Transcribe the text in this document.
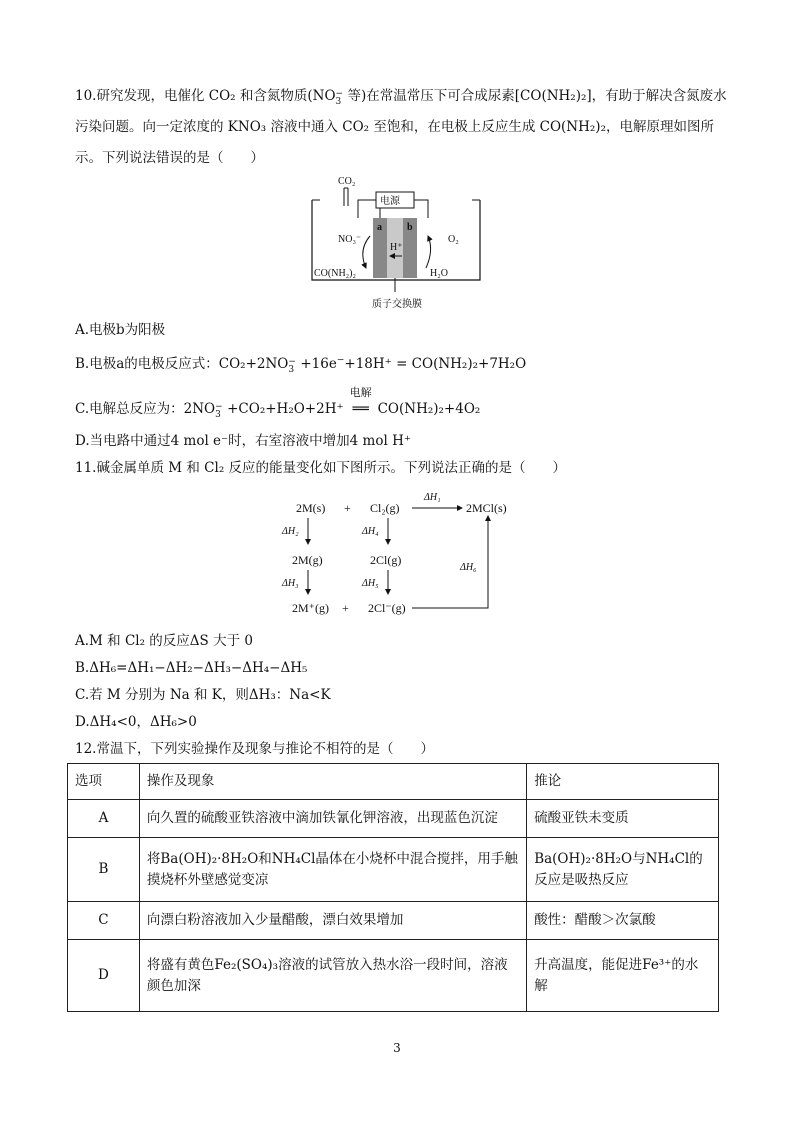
10.研究发现，电催化 CO₂ 和含氮物质(NO −
3 等)在常温常压下可合成尿素[CO(NH₂)₂]，有助于解决含氮废水
污染问题。向一定浓度的 KNO₃ 溶液中通入 CO₂ 至饱和，在电极上反应生成 CO(NH₂)₂，电解原理如图所
示。下列说法错误的是（　　）
CO₂
电源
a	b
H⁺
NO₃⁻
CO(NH₂)₂
O₂
H₂O
质子交换膜
A.电极b为阳极
B.电极a的电极反应式：CO₂+2NO −
3 +16e−+18H⁺ = CO(NH₂)₂+7H₂O
C.电解总反应为：2NO −
3 +CO₂+H₂O+2H⁺
电解
══ CO(NH₂)₂+4O₂
D.当电路中通过4 mol e⁻时，右室溶液中增加4 mol H⁺
11.碱金属单质 M 和 Cl₂ 反应的能量变化如下图所示。下列说法正确的是（　　）
2M(s) + Cl₂(g)
ΔH₁
2MCl(s)
ΔH₂	ΔH₄
2M(g)	2Cl(g)
ΔH₆
ΔH₃	ΔH₅
2M⁺(g) + 2Cl⁻(g)
A.M 和 Cl₂ 的反应ΔS 大于 0
B.ΔH₆=ΔH₁−ΔH₂−ΔH₃−ΔH₄−ΔH₅
C.若 M 分别为 Na 和 K，则ΔH₃：Na<K
D.ΔH₄<0，ΔH₆>0
12.常温下，下列实验操作及现象与推论不相符的是（　　）
选项	操作及现象	推论
A	向久置的硫酸亚铁溶液中滴加铁氰化钾溶液，出现蓝色沉淀	硫酸亚铁未变质
B	将Ba(OH)₂·8H₂O和NH₄Cl晶体在小烧杯中混合搅拌，用手触摸烧杯外壁感觉变凉	Ba(OH)₂·8H₂O与NH₄Cl的反应是吸热反应
C	向漂白粉溶液加入少量醋酸，漂白效果增加	酸性：醋酸＞次氯酸
D	将盛有黄色Fe₂(SO₄)₃溶液的试管放入热水浴一段时间，溶液颜色加深	升高温度，能促进Fe³⁺的水解
3
